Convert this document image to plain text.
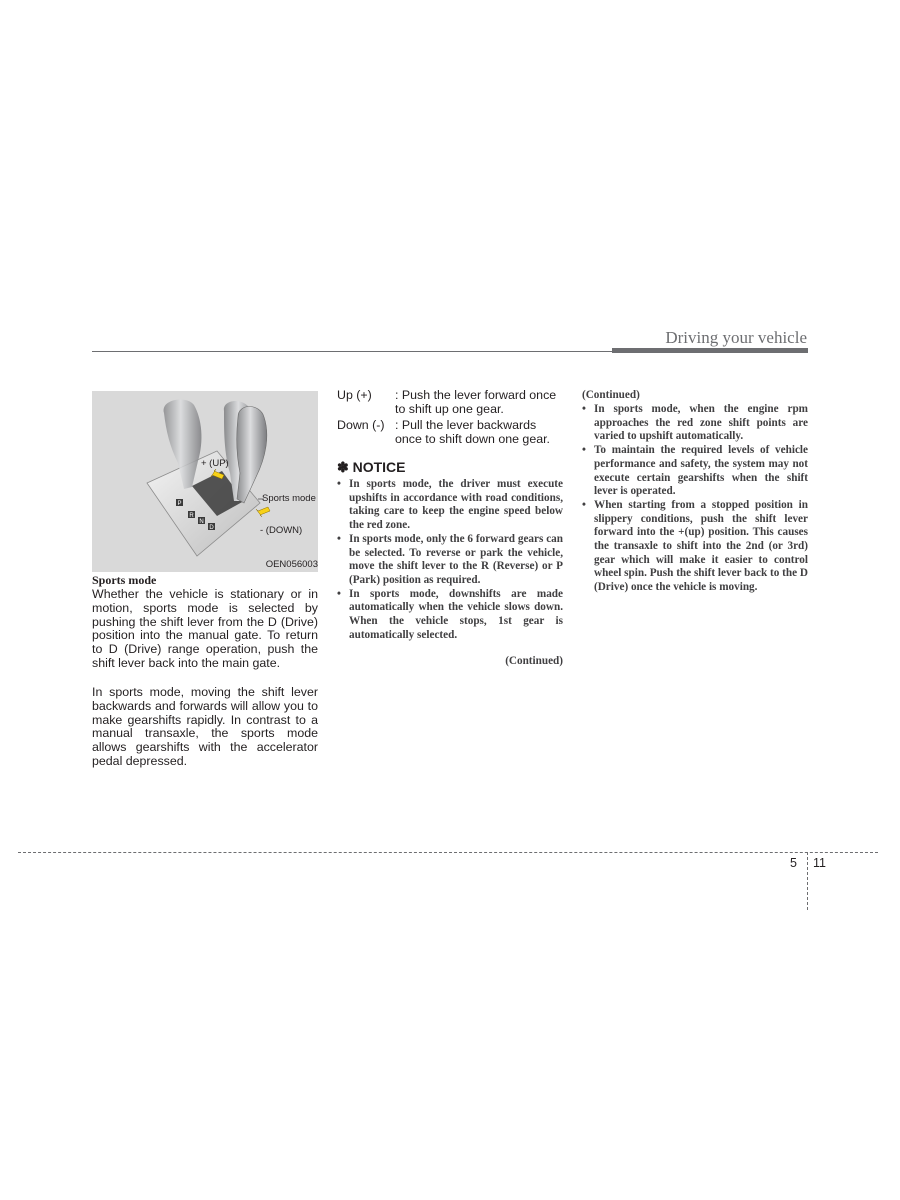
Driving your vehicle
P
R
N
D
+ (UP)
Sports mode
- (DOWN)
OEN056003
Sports mode
Whether the vehicle is stationary or in motion, sports mode is selected by pushing the shift lever from the D (Drive) position into the manual gate. To return to D (Drive) range operation, push the shift lever back into the main gate.
In sports mode, moving the shift lever backwards and forwards will allow you to make gearshifts rapidly. In contrast to a manual transaxle, the sports mode allows gearshifts with the accelerator pedal depressed.
Up (+) : Push the lever forward once to shift up one gear.
Down (-) : Pull the lever backwards once to shift down one gear.
✽ NOTICE
• In sports mode, the driver must execute upshifts in accordance with road conditions, taking care to keep the engine speed below the red zone.
• In sports mode, only the 6 forward gears can be selected. To reverse or park the vehicle, move the shift lever to the R (Reverse) or P (Park) position as required.
• In sports mode, downshifts are made automatically when the vehicle slows down. When the vehicle stops, 1st gear is automatically selected.
(Continued)
(Continued)
• In sports mode, when the engine rpm approaches the red zone shift points are varied to upshift automatically.
• To maintain the required levels of vehicle performance and safety, the system may not execute certain gearshifts when the shift lever is operated.
• When starting from a stopped position in slippery conditions, push the shift lever forward into the +(up) position. This causes the transaxle to shift into the 2nd (or 3rd) gear which will make it easier to control wheel spin. Push the shift lever back to the D (Drive) once the vehicle is moving.
5 11
